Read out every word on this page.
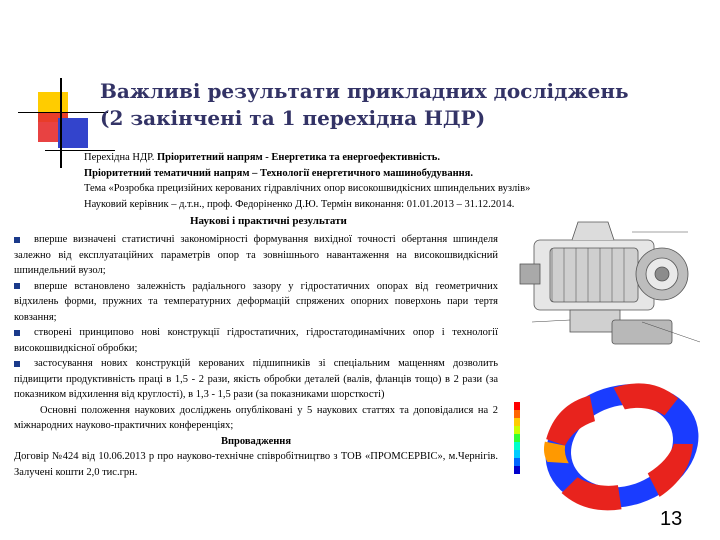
Важливі результати прикладних досліджень
(2 закінчені та 1 перехідна НДР)
Перехідна НДР. Пріоритетний напрям - Енергетика та енергоефективність.
Пріоритетний тематичний напрям – Технології енергетичного машинобудування.
Тема «Розробка прецизійних керованих гідравлічних опор високошвидкісних шпиндельних вузлів»
Науковий керівник – д.т.н., проф. Федоріненко Д.Ю. Термін виконання: 01.01.2013 – 31.12.2014.
Наукові і практичні результати

вперше визначені статистичні закономірності формування вихідної точності обертання шпинделя залежно від експлуатаційних параметрів опор та зовнішнього навантаження на високошвидкісний шпиндельний вузол;

вперше встановлено залежність радіального зазору у гідростатичних опорах від геометричних відхилень форми, пружних та температурних деформацій спряжених опорних поверхонь пари тертя ковзання;

створені принципово нові конструкції гідростатичних, гідростатодинамічних опор і технології високошвидкісної обробки;

застосування нових конструкцій керованих підшипників зі спеціальним мащенням дозволить підвищити продуктивність праці в 1,5 - 2 рази, якість обробки деталей (валів, фланців тощо) в 2 рази (за показником відхилення від круглості), в 1,3 - 1,5 рази (за показниками шорсткості)

Основні положення наукових досліджень опубліковані у 5 наукових статтях та доповідалися на 2 міжнародних науково-практичних конференціях;

Впровадження

Договір №424 від 10.06.2013 р про науково-технічне співробітництво з ТОВ «ПРОМСЕРВІС», м.Чернігів. Залучені кошти 2,0 тис.грн.

13
